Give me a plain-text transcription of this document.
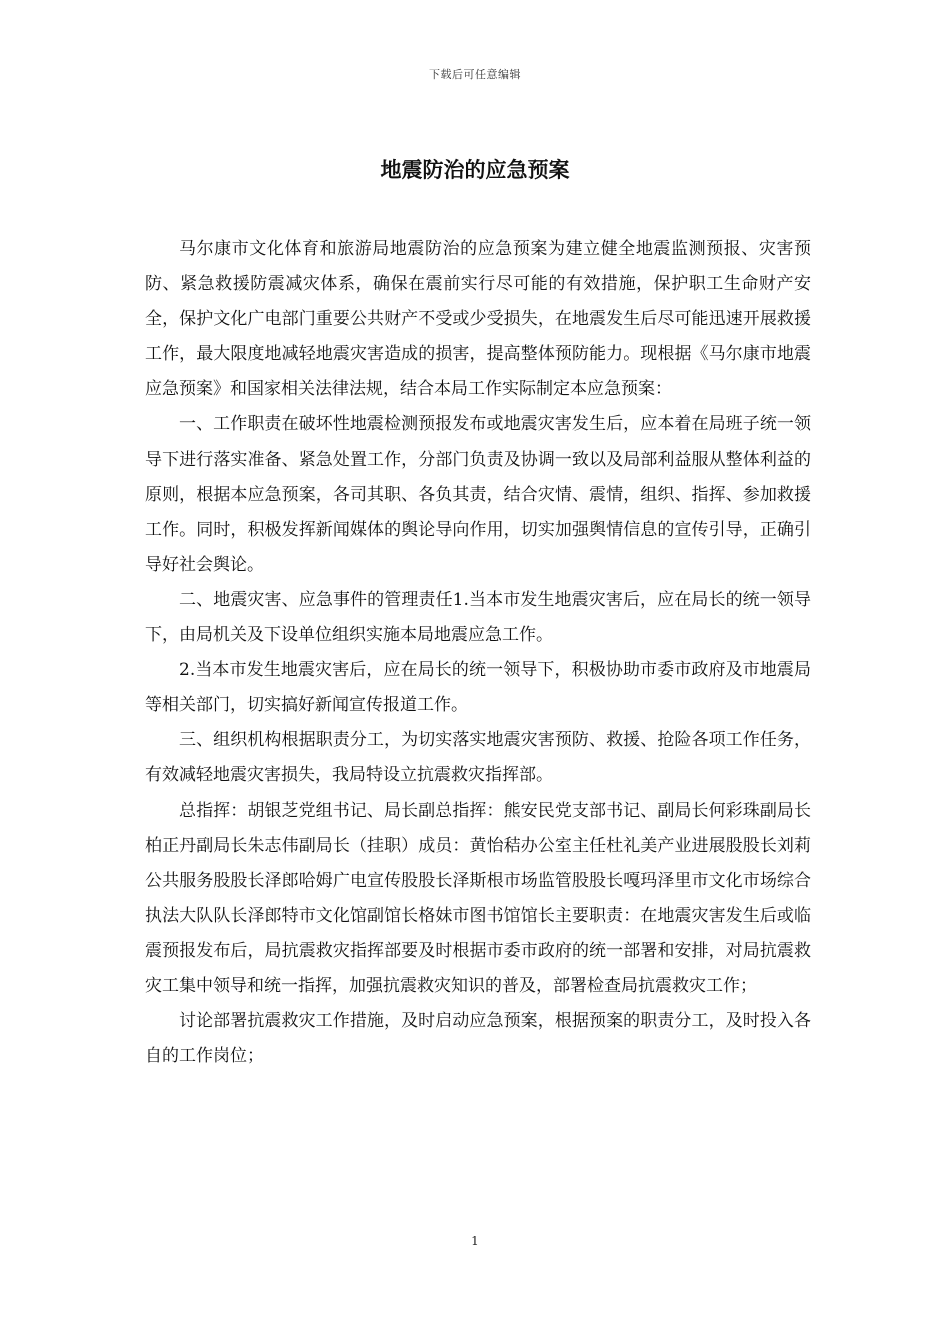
下载后可任意编辑
地震防治的应急预案

马尔康市文化体育和旅游局地震防治的应急预案为建立健全地震监测预报、灾害预防、紧急救援防震减灾体系，确保在震前实行尽可能的有效措施，保护职工生命财产安全，保护文化广电部门重要公共财产不受或少受损失，在地震发生后尽可能迅速开展救援工作，最大限度地减轻地震灾害造成的损害，提高整体预防能力。现根据《马尔康市地震应急预案》和国家相关法律法规，结合本局工作实际制定本应急预案：

一、工作职责在破坏性地震检测预报发布或地震灾害发生后，应本着在局班子统一领导下进行落实准备、紧急处置工作，分部门负责及协调一致以及局部利益服从整体利益的原则，根据本应急预案，各司其职、各负其责，结合灾情、震情，组织、指挥、参加救援工作。同时，积极发挥新闻媒体的舆论导向作用，切实加强舆情信息的宣传引导，正确引导好社会舆论。

二、地震灾害、应急事件的管理责任1.当本市发生地震灾害后，应在局长的统一领导下，由局机关及下设单位组织实施本局地震应急工作。

2.当本市发生地震灾害后，应在局长的统一领导下，积极协助市委市政府及市地震局等相关部门，切实搞好新闻宣传报道工作。

三、组织机构根据职责分工，为切实落实地震灾害预防、救援、抢险各项工作任务，有效减轻地震灾害损失，我局特设立抗震救灾指挥部。

总指挥：胡银芝党组书记、局长副总指挥：熊安民党支部书记、副局长何彩珠副局长柏正丹副局长朱志伟副局长（挂职）成员：黄怡秸办公室主任杜礼美产业进展股股长刘莉公共服务股股长泽郎哈姆广电宣传股股长泽斯根市场监管股股长嘎玛泽里市文化市场综合执法大队队长泽郎特市文化馆副馆长格妹市图书馆馆长主要职责：在地震灾害发生后或临震预报发布后，局抗震救灾指挥部要及时根据市委市政府的统一部署和安排，对局抗震救灾工集中领导和统一指挥，加强抗震救灾知识的普及，部署检查局抗震救灾工作；

讨论部署抗震救灾工作措施，及时启动应急预案，根据预案的职责分工，及时投入各自的工作岗位；

1
